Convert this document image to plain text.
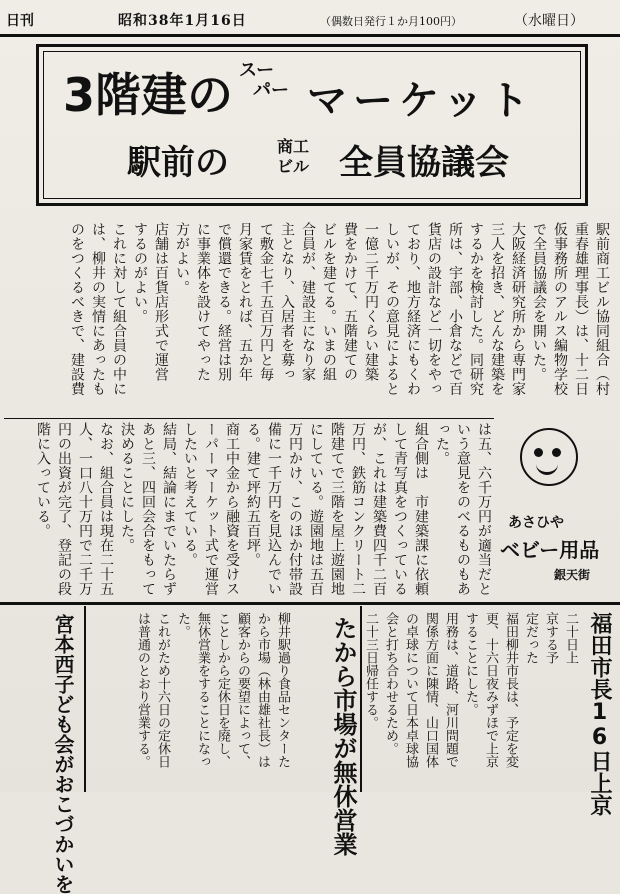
日刊	昭和38年1月16日	（偶数日発行１か月100円）	（水曜日）
3階建の スー
パー マーケット
駅前の	商工
ビル 全員協議会
駅前商工ビル協同組合（村
重春雄理事長）は、十二日
仮事務所のアルス編物学校
で全員協議会を開いた。
大阪経済研究所から専門家
三人を招き、どんな建築を
するかを検討した。同研究
所は、宇部、小倉などで百
貨店の設計など一切をやっ
ており、地方経済にもくわ
しいが、その意見によると
一億二千万円くらい建築
費をかけて、五階建ての
ビルを建てる。いまの組
合員が、建設主になり家
主となり、入居者を募っ
て敷金七千五百万円と毎
月家賃をとれば、五か年
で償還できる。経営は別
に事業体を設けてやった
方がよい。
店舗は百貨店形式で運営
するのがよい。
これに対して組合員の中に
は、柳井の実情にあったも
のをつくるべきで、建設費
は五、六千万円が適当だと
いう意見をのべるものもあ
った。
組合側は　市建築課に依頼
して青写真をつくっている
が、これは建築費四千二百
万円、鉄筋コンクリート二
階建てで三階を屋上遊園地
にしている。遊園地は五百
万円かけ、このほか付帯設
備に一千万円を見込んでい
る。建て坪約五百坪。
商工中金から融資を受けス
ーパーマーケット式で運営
したいと考えている。
結局、結論にまでいたらず
あと三、四回会合をもって
決めることにした。
なお、組合員は現在二十五
人、一口八十万円で二千万
円の出資が完了、登記の段
階に入っている。	あさひや
ベビー用品
銀天街
福田市長16日上京
二十日上
京する予
定だった
福田柳井市長は、予定を変
更、十六日夜みずほで上京
することにした。
用務は、道路、河川問題で
関係方面に陳情、山口国体
の卓球について日本卓球協
会と打ち合わせるため。
二十三日帰任する。
たから市場が無休営業
柳井駅過り食品センターた
から市場（林由雄社長）は
顧客からの要望によって、
ことしから定休日を廃し、
無休営業をすることになっ
た。
これがため十六日の定休日
は普通のとおり営業する。
宮本西子ども会がおこづかいを
